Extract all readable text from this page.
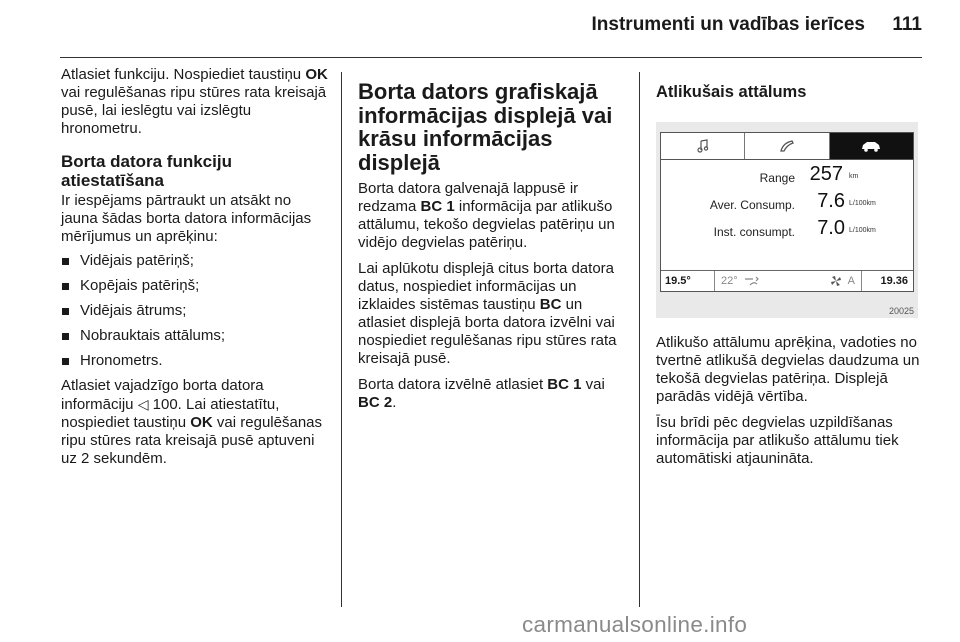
Instrumenti un vadības ierīces 111

Atlasiet funkciju. Nospiediet taustiņu OK vai regulēšanas ripu stūres rata kreisajā pusē, lai ieslēgtu vai izslēgtu hronometru.

Borta datora funkciju atiestatīšana

Ir iespējams pārtraukt un atsākt no jauna šādas borta datora informācijas mērījumus un aprēķinu:

Vidējais patēriņš;
Kopējais patēriņš;
Vidējais ātrums;
Nobrauktais attālums;
Hronometrs.

Atlasiet vajadzīgo borta datora informāciju ◁ 100. Lai atiestatītu, nospiediet taustiņu OK vai regulēšanas ripu stūres rata kreisajā pusē aptuveni uz 2 sekundēm.

Borta dators grafiskajā informācijas displejā vai krāsu informācijas displejā

Borta datora galvenajā lappusē ir redzama BC 1 informācija par atlikušo attālumu, tekošo degvielas patēriņu un vidējo degvielas patēriņu.

Lai aplūkotu displejā citus borta datora datus, nospiediet informācijas un izklaides sistēmas taustiņu BC un atlasiet displejā borta datora izvēlni vai nospiediet regulēšanas ripu stūres rata kreisajā pusē.

Borta datora izvēlnē atlasiet BC 1 vai BC 2.

Atlikušais attālums
Range 257 km
Aver. Consump. 7.6 L/100km
Inst. consumpt. 7.0 L/100km
19.5°	22°	A	19.36
20025

Atlikušo attālumu aprēķina, vadoties no tvertnē atlikušā degvielas daudzuma un tekošā degvielas patēriņa. Displejā parādās vidējā vērtība.

Īsu brīdi pēc degvielas uzpildīšanas informācija par atlikušo attālumu tiek automātiski atjaunināta.

carmanualsonline.info
